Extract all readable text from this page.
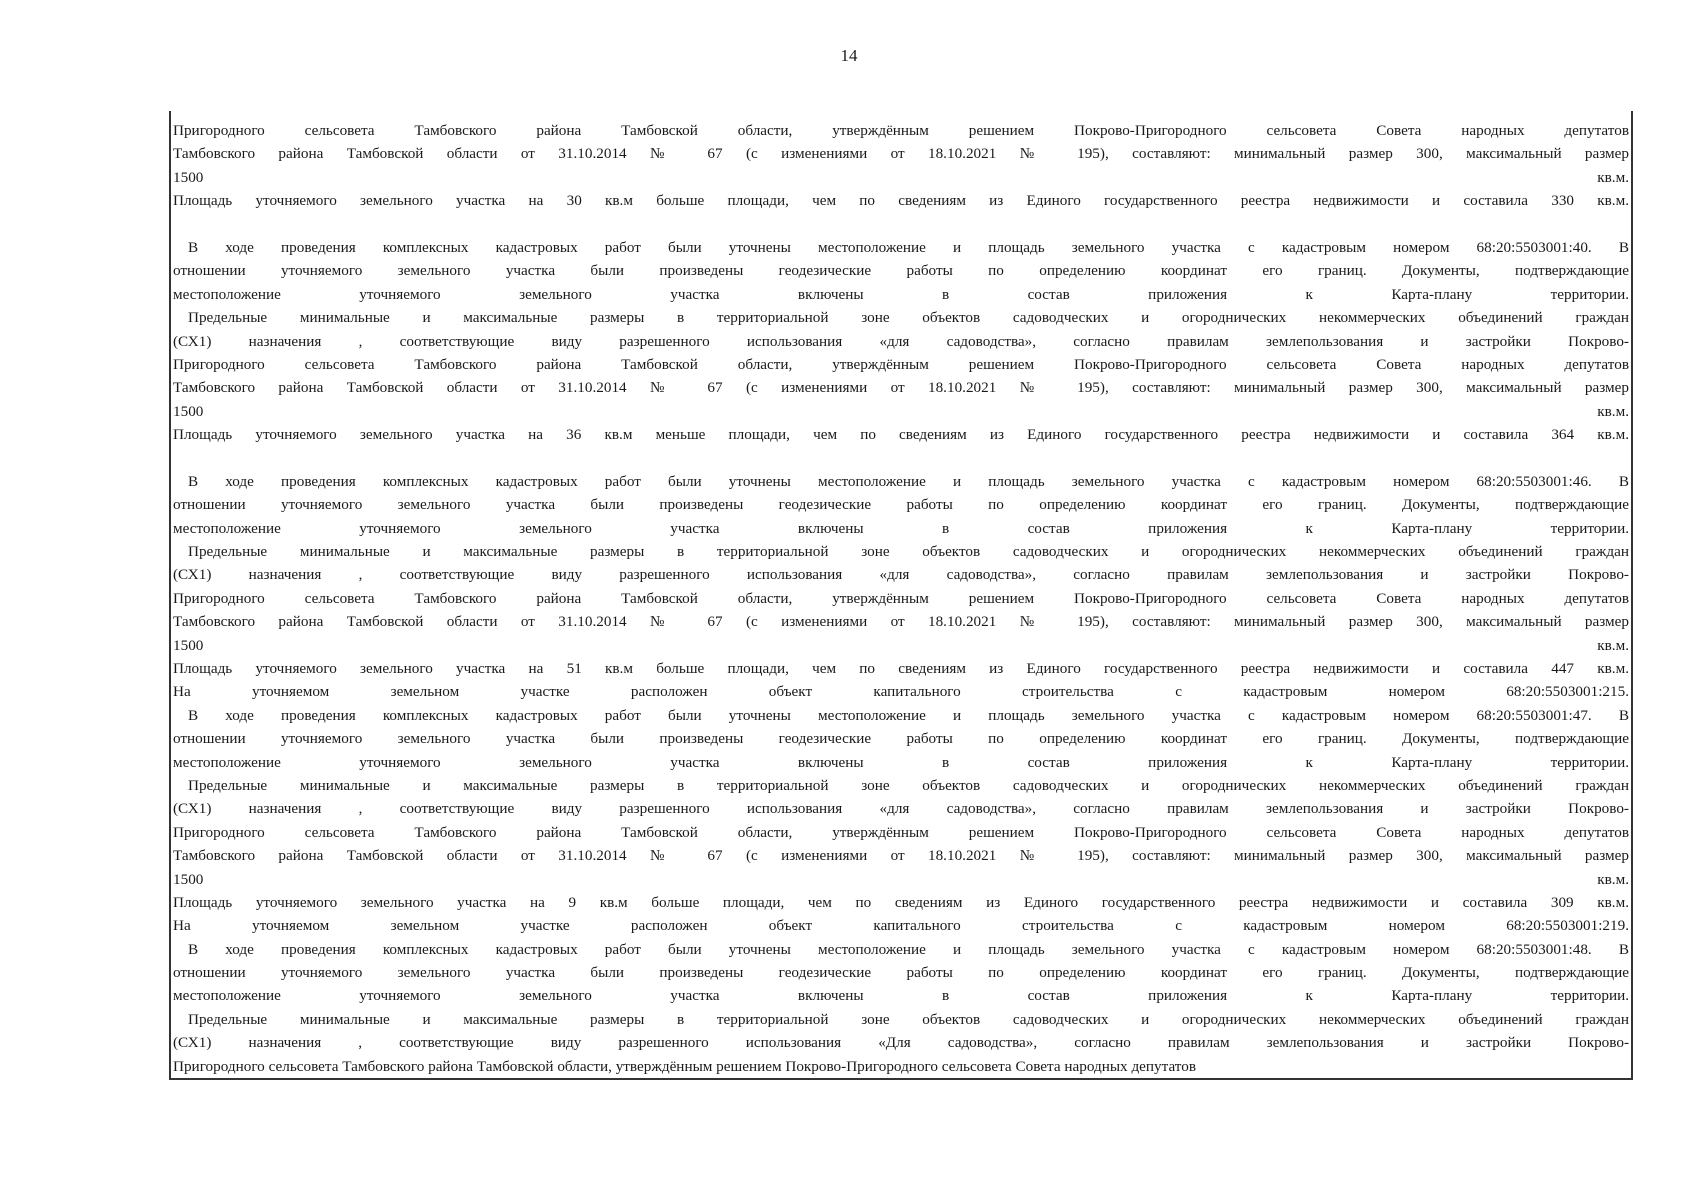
14
Пригородного сельсовета Тамбовского района Тамбовской области, утверждённым решением Покрово-Пригородного сельсовета Совета народных депутатов
Тамбовского района Тамбовской области от 31.10.2014 № 67 (с изменениями от 18.10.2021 № 195), составляют: минимальный размер 300, максимальный размер
1500 кв.м.
Площадь уточняемого земельного участка на 30 кв.м больше площади, чем по сведениям из Единого государственного реестра недвижимости и составила 330 кв.м.
В ходе проведения комплексных кадастровых работ были уточнены местоположение и площадь земельного участка с кадастровым номером 68:20:5503001:40. В
отношении уточняемого земельного участка были произведены геодезические работы по определению координат его границ. Документы, подтверждающие
местоположение уточняемого земельного участка включены в состав приложения к Карта-плану территории.
Предельные минимальные и максимальные размеры в территориальной зоне объектов садоводческих и огороднических некоммерческих объединений граждан
(СХ1) назначения , соответствующие виду разрешенного использования «для садоводства», согласно правилам землепользования и застройки Покрово-
Пригородного сельсовета Тамбовского района Тамбовской области, утверждённым решением Покрово-Пригородного сельсовета Совета народных депутатов
Тамбовского района Тамбовской области от 31.10.2014 № 67 (с изменениями от 18.10.2021 № 195), составляют: минимальный размер 300, максимальный размер
1500 кв.м.
Площадь уточняемого земельного участка на 36 кв.м меньше площади, чем по сведениям из Единого государственного реестра недвижимости и составила 364 кв.м.
В ходе проведения комплексных кадастровых работ были уточнены местоположение и площадь земельного участка с кадастровым номером 68:20:5503001:46. В
отношении уточняемого земельного участка были произведены геодезические работы по определению координат его границ. Документы, подтверждающие
местоположение уточняемого земельного участка включены в состав приложения к Карта-плану территории.
Предельные минимальные и максимальные размеры в территориальной зоне объектов садоводческих и огороднических некоммерческих объединений граждан
(СХ1) назначения , соответствующие виду разрешенного использования «для садоводства», согласно правилам землепользования и застройки Покрово-
Пригородного сельсовета Тамбовского района Тамбовской области, утверждённым решением Покрово-Пригородного сельсовета Совета народных депутатов
Тамбовского района Тамбовской области от 31.10.2014 № 67 (с изменениями от 18.10.2021 № 195), составляют: минимальный размер 300, максимальный размер
1500 кв.м.
Площадь уточняемого земельного участка на 51 кв.м больше площади, чем по сведениям из Единого государственного реестра недвижимости и составила 447 кв.м.
На уточняемом земельном участке расположен объект капитального строительства с кадастровым номером 68:20:5503001:215.
В ходе проведения комплексных кадастровых работ были уточнены местоположение и площадь земельного участка с кадастровым номером 68:20:5503001:47. В
отношении уточняемого земельного участка были произведены геодезические работы по определению координат его границ. Документы, подтверждающие
местоположение уточняемого земельного участка включены в состав приложения к Карта-плану территории.
Предельные минимальные и максимальные размеры в территориальной зоне объектов садоводческих и огороднических некоммерческих объединений граждан
(СХ1) назначения , соответствующие виду разрешенного использования «для садоводства», согласно правилам землепользования и застройки Покрово-
Пригородного сельсовета Тамбовского района Тамбовской области, утверждённым решением Покрово-Пригородного сельсовета Совета народных депутатов
Тамбовского района Тамбовской области от 31.10.2014 № 67 (с изменениями от 18.10.2021 № 195), составляют: минимальный размер 300, максимальный размер
1500 кв.м.
Площадь уточняемого земельного участка на 9 кв.м больше площади, чем по сведениям из Единого государственного реестра недвижимости и составила 309 кв.м.
На уточняемом земельном участке расположен объект капитального строительства с кадастровым номером 68:20:5503001:219.
В ходе проведения комплексных кадастровых работ были уточнены местоположение и площадь земельного участка с кадастровым номером 68:20:5503001:48. В
отношении уточняемого земельного участка были произведены геодезические работы по определению координат его границ. Документы, подтверждающие
местоположение уточняемого земельного участка включены в состав приложения к Карта-плану территории.
Предельные минимальные и максимальные размеры в территориальной зоне объектов садоводческих и огороднических некоммерческих объединений граждан
(СХ1) назначения , соответствующие виду разрешенного использования «Для садоводства», согласно правилам землепользования и застройки Покрово-
Пригородного сельсовета Тамбовского района Тамбовской области, утверждённым решением Покрово-Пригородного сельсовета Совета народных депутатов
